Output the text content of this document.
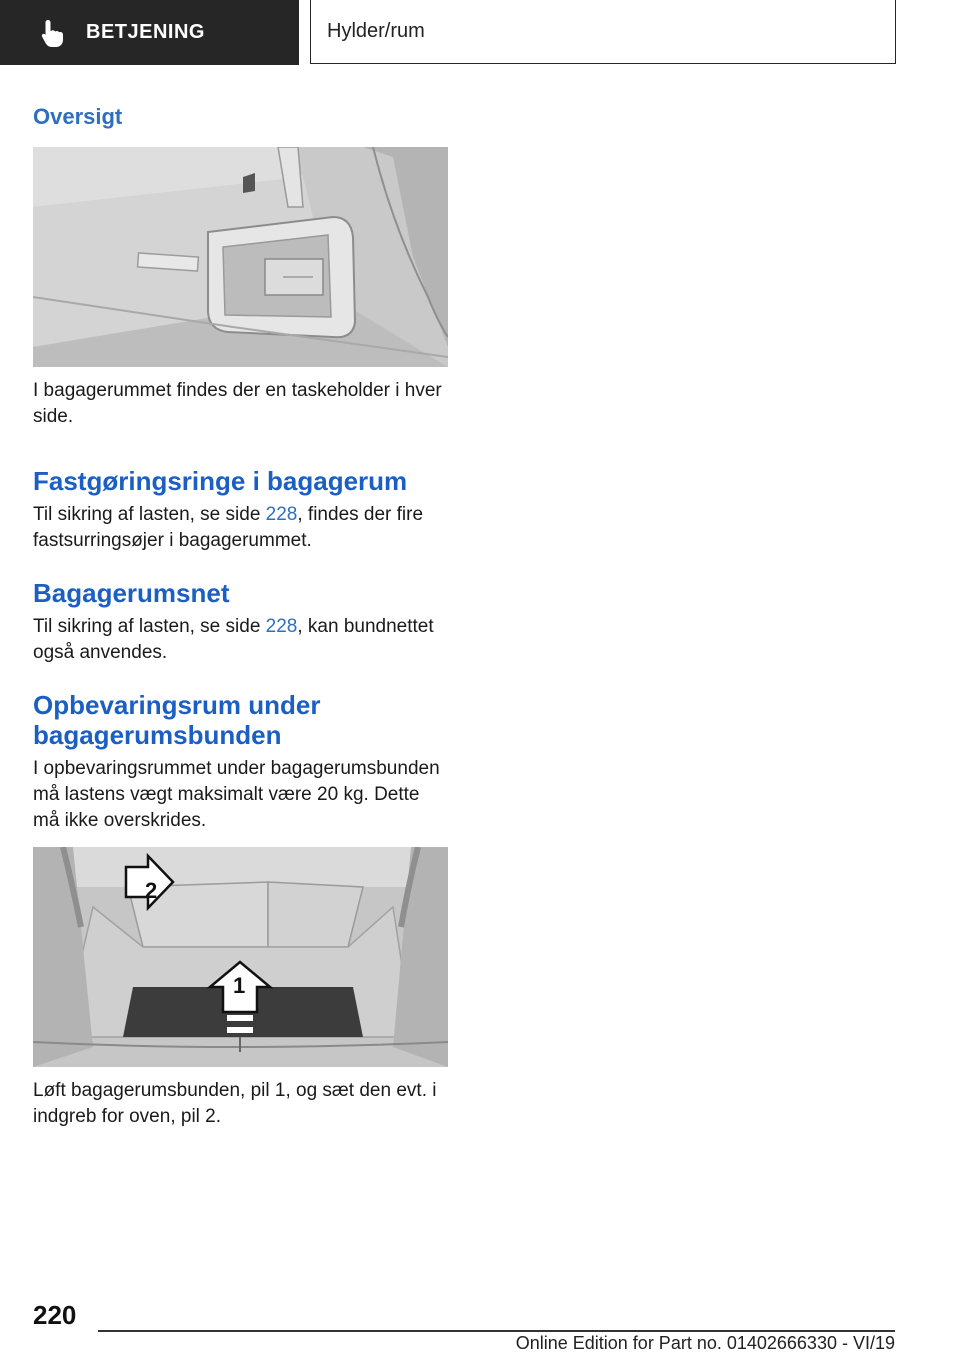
BETJENING	Hylder/rum
Oversigt

I bagagerummet findes der en taskeholder i hver side.

Fastgøringsringe i bagagerum

Til sikring af lasten, se side 228, findes der fire fastsurringsøjer i bagagerummet.

Bagagerumsnet

Til sikring af lasten, se side 228, kan bundnettet også anvendes.

Opbevaringsrum under
bagagerumsbunden

I opbevaringsrummet under bagagerumsbunden må lastens vægt maksimalt være 20 kg. Dette må ikke overskrides.

2
1

Løft bagagerumsbunden, pil 1, og sæt den evt. i indgreb for oven, pil 2.

220
Online Edition for Part no. 01402666330 - VI/19
